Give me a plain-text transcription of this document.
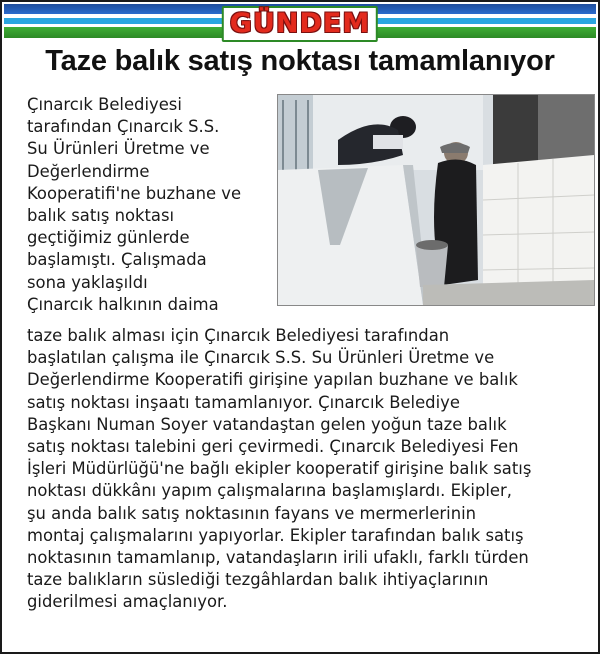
GÜNDEM
Taze balık satış noktası tamamlanıyor
Çınarcık Belediyesi
tarafından Çınarcık S.S.
Su Ürünleri Üretme ve
Değerlendirme
Kooperatifi'ne buzhane ve
balık satış noktası
geçtiğimiz günlerde
başlamıştı. Çalışmada
sona yaklaşıldı
Çınarcık halkının daima
taze balık alması için Çınarcık Belediyesi tarafından
başlatılan çalışma ile Çınarcık S.S. Su Ürünleri Üretme ve
Değerlendirme Kooperatifi girişine yapılan buzhane ve balık
satış noktası inşaatı tamamlanıyor. Çınarcık Belediye
Başkanı Numan Soyer vatandaştan gelen yoğun taze balık
satış noktası talebini geri çevirmedi. Çınarcık Belediyesi Fen
İşleri Müdürlüğü'ne bağlı ekipler kooperatif girişine balık satış
noktası dükkânı yapım çalışmalarına başlamışlardı. Ekipler,
şu anda balık satış noktasının fayans ve mermerlerinin
montaj çalışmalarını yapıyorlar. Ekipler tarafından balık satış
noktasının tamamlanıp, vatandaşların irili ufaklı, farklı türden
taze balıkların süslediği tezgâhlardan balık ihtiyaçlarının
giderilmesi amaçlanıyor.
